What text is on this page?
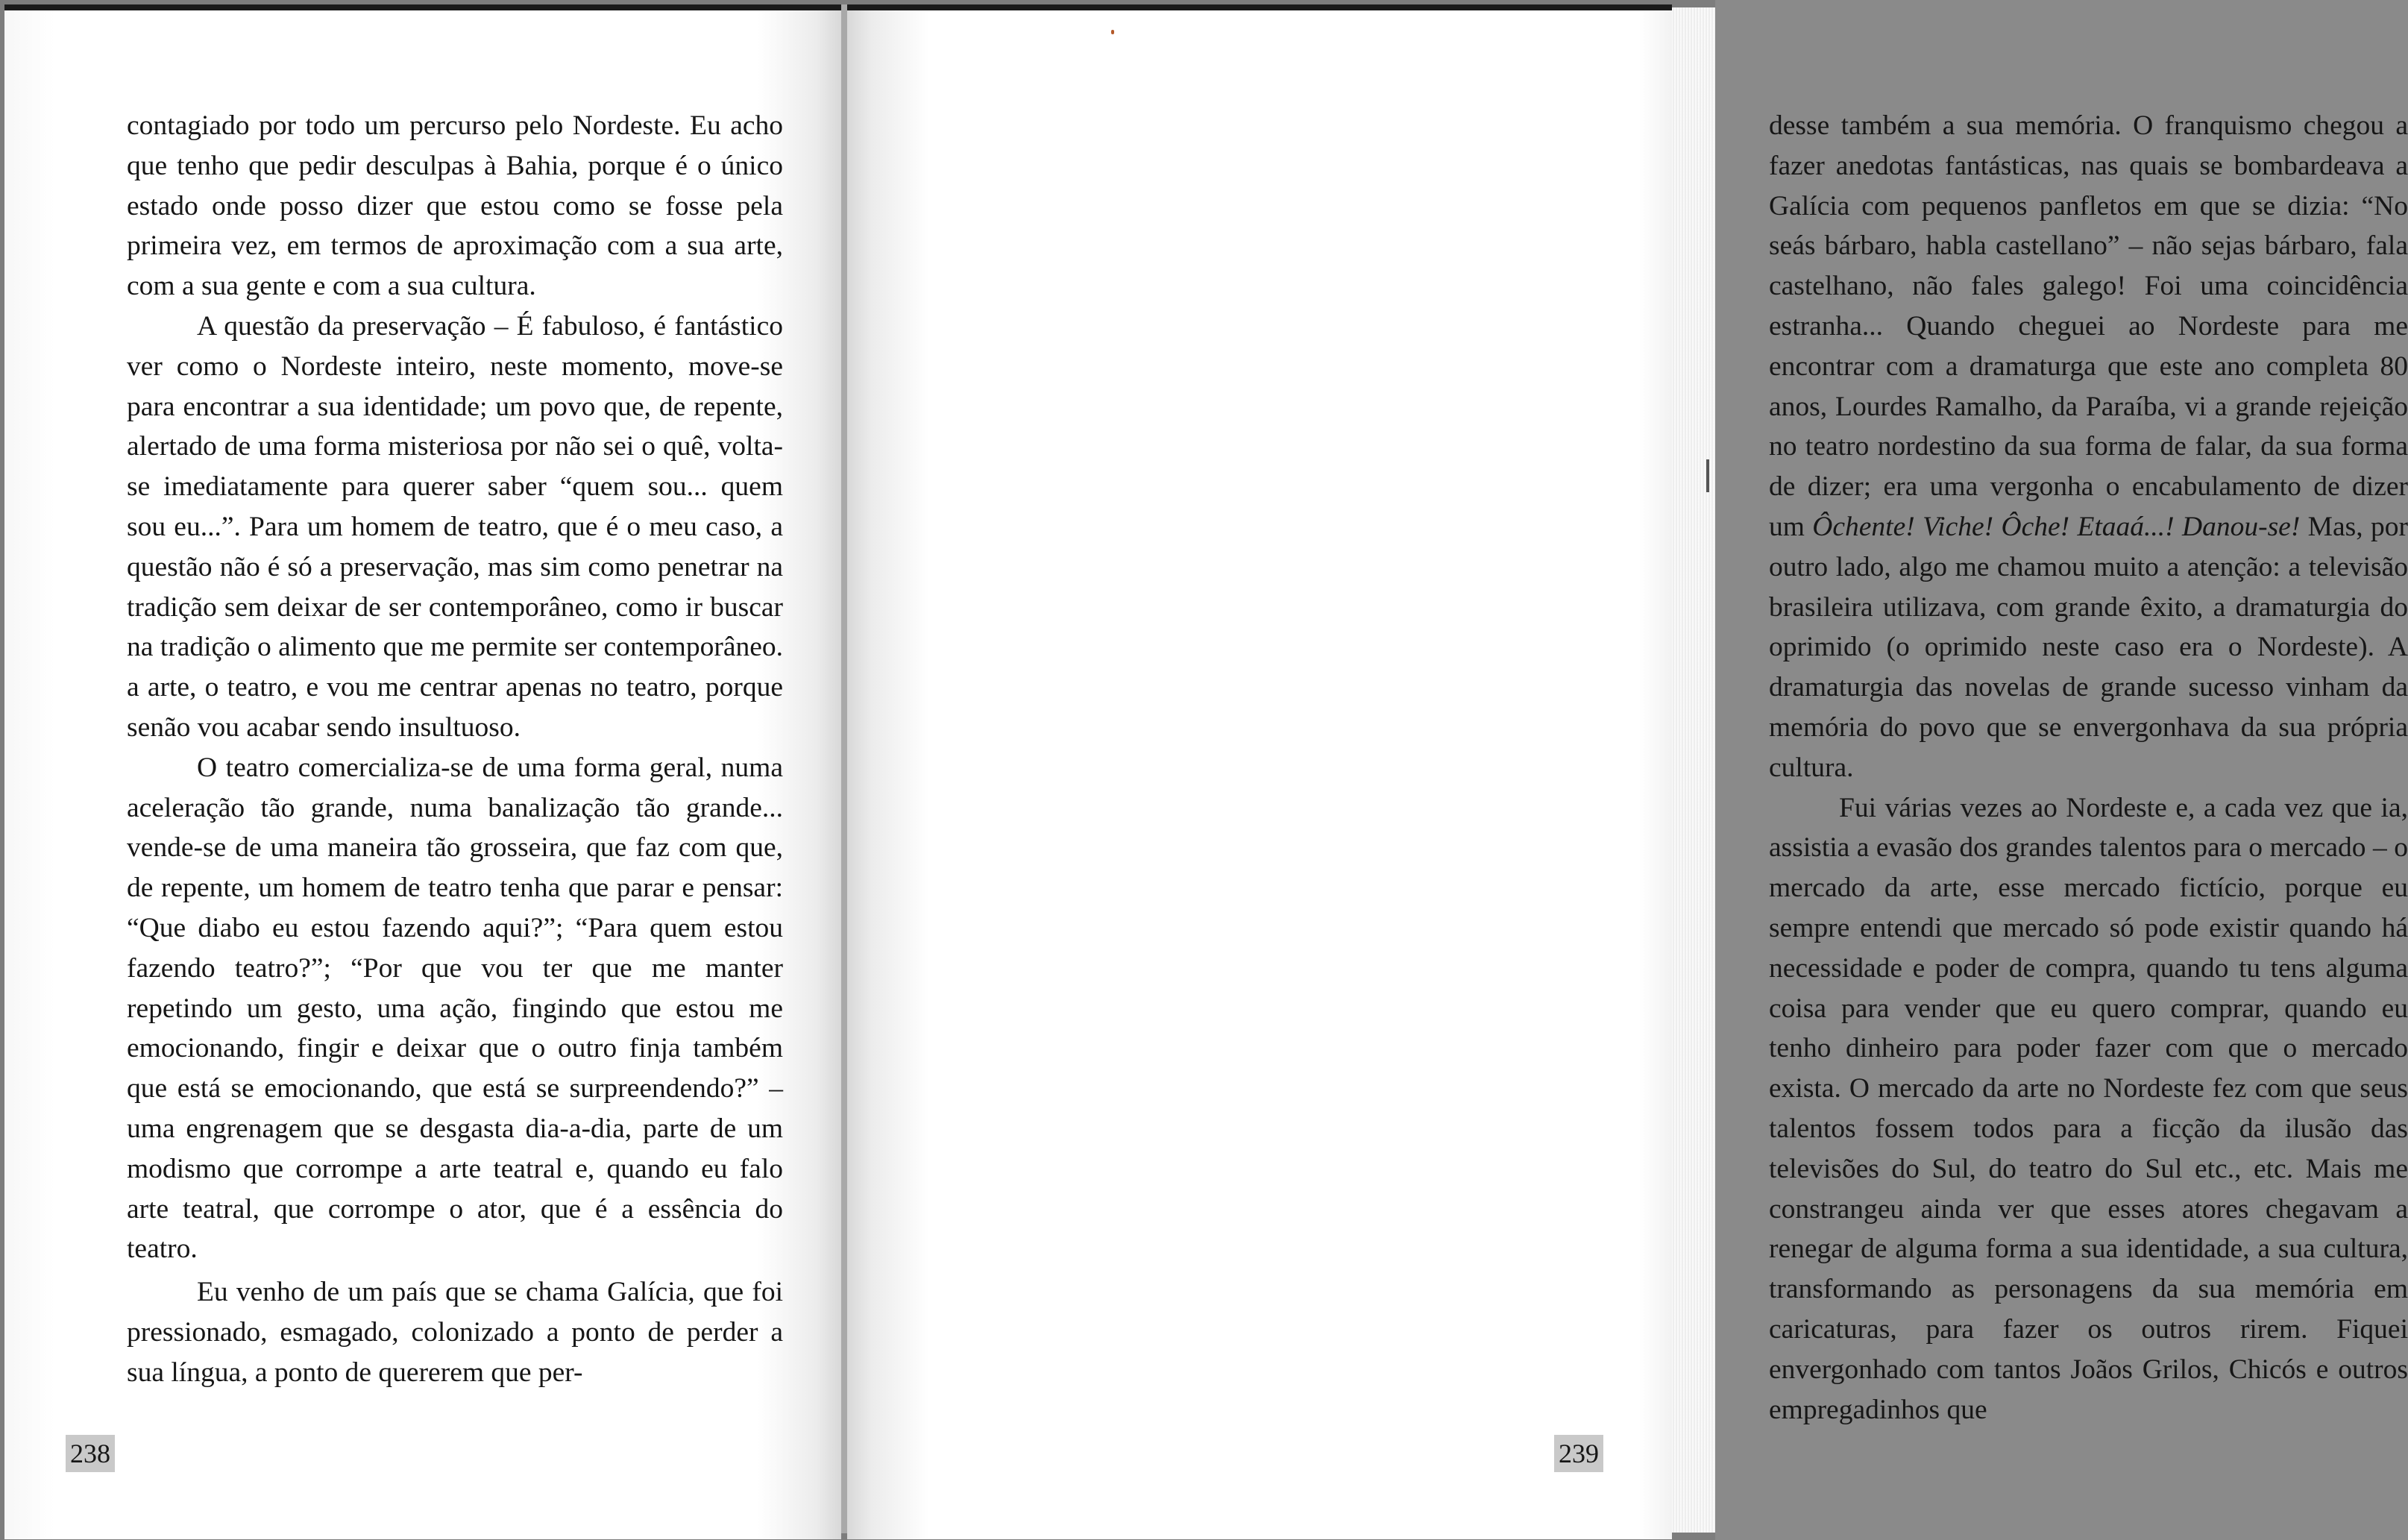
contagiado por todo um percurso pelo Nordeste. Eu acho que tenho que pedir desculpas à Bahia, porque é o único estado onde posso dizer que estou como se fosse pela primeira vez, em termos de aproximação com a sua arte, com a sua gente e com a sua cultura.

A questão da preservação – É fabuloso, é fantástico ver como o Nordeste inteiro, neste momento, move-se para encontrar a sua identidade; um povo que, de repente, alertado de uma forma misteriosa por não sei o quê, volta-se imediatamente para querer saber “quem sou... quem sou eu...”. Para um homem de teatro, que é o meu caso, a questão não é só a preservação, mas sim como penetrar na tradição sem deixar de ser contemporâneo, como ir buscar na tradição o alimento que me permite ser contemporâneo. a arte, o teatro, e vou me centrar apenas no teatro, porque senão vou acabar sendo insultuoso.

O teatro comercializa-se de uma forma geral, numa aceleração tão grande, numa banalização tão grande... vende-se de uma maneira tão grosseira, que faz com que, de repente, um homem de teatro tenha que parar e pensar: “Que diabo eu estou fazendo aqui?”; “Para quem estou fazendo teatro?”; “Por que vou ter que me manter repetindo um gesto, uma ação, fingindo que estou me emocionando, fingir e deixar que o outro finja também que está se emocionando, que está se surpreendendo?” – uma engrenagem que se desgasta dia-a-dia, parte de um modismo que corrompe a arte teatral e, quando eu falo arte teatral, que corrompe o ator, que é a essência do teatro.

Eu venho de um país que se chama Galícia, que foi pressionado, esmagado, colonizado a ponto de perder a sua língua, a ponto de quererem que per-

238

desse também a sua memória. O franquismo chegou a fazer anedotas fantásticas, nas quais se bombardeava a Galícia com pequenos panfletos em que se dizia: “No seás bárbaro, habla castellano” – não sejas bárbaro, fala castelhano, não fales galego! Foi uma coincidência estranha... Quando cheguei ao Nordeste para me encontrar com a dramaturga que este ano completa 80 anos, Lourdes Ramalho, da Paraíba, vi a grande rejeição no teatro nordestino da sua forma de falar, da sua forma de dizer; era uma vergonha o encabulamento de dizer um Ôchente! Viche! Ôche! Etaaá...! Danou-se! Mas, por outro lado, algo me chamou muito a atenção: a televisão brasileira utilizava, com grande êxito, a dramaturgia do oprimido (o oprimido neste caso era o Nordeste). A dramaturgia das novelas de grande sucesso vinham da memória do povo que se envergonhava da sua própria cultura.

Fui várias vezes ao Nordeste e, a cada vez que ia, assistia a evasão dos grandes talentos para o mercado – o mercado da arte, esse mercado fictício, porque eu sempre entendi que mercado só pode existir quando há necessidade e poder de compra, quando tu tens alguma coisa para vender que eu quero comprar, quando eu tenho dinheiro para poder fazer com que o mercado exista. O mercado da arte no Nordeste fez com que seus talentos fossem todos para a ficção da ilusão das televisões do Sul, do teatro do Sul etc., etc. Mais me constrangeu ainda ver que esses atores chegavam a renegar de alguma forma a sua identidade, a sua cultura, transformando as personagens da sua memória em caricaturas, para fazer os outros rirem. Fiquei envergonhado com tantos Joãos Grilos, Chicós e outros empregadinhos que

239
